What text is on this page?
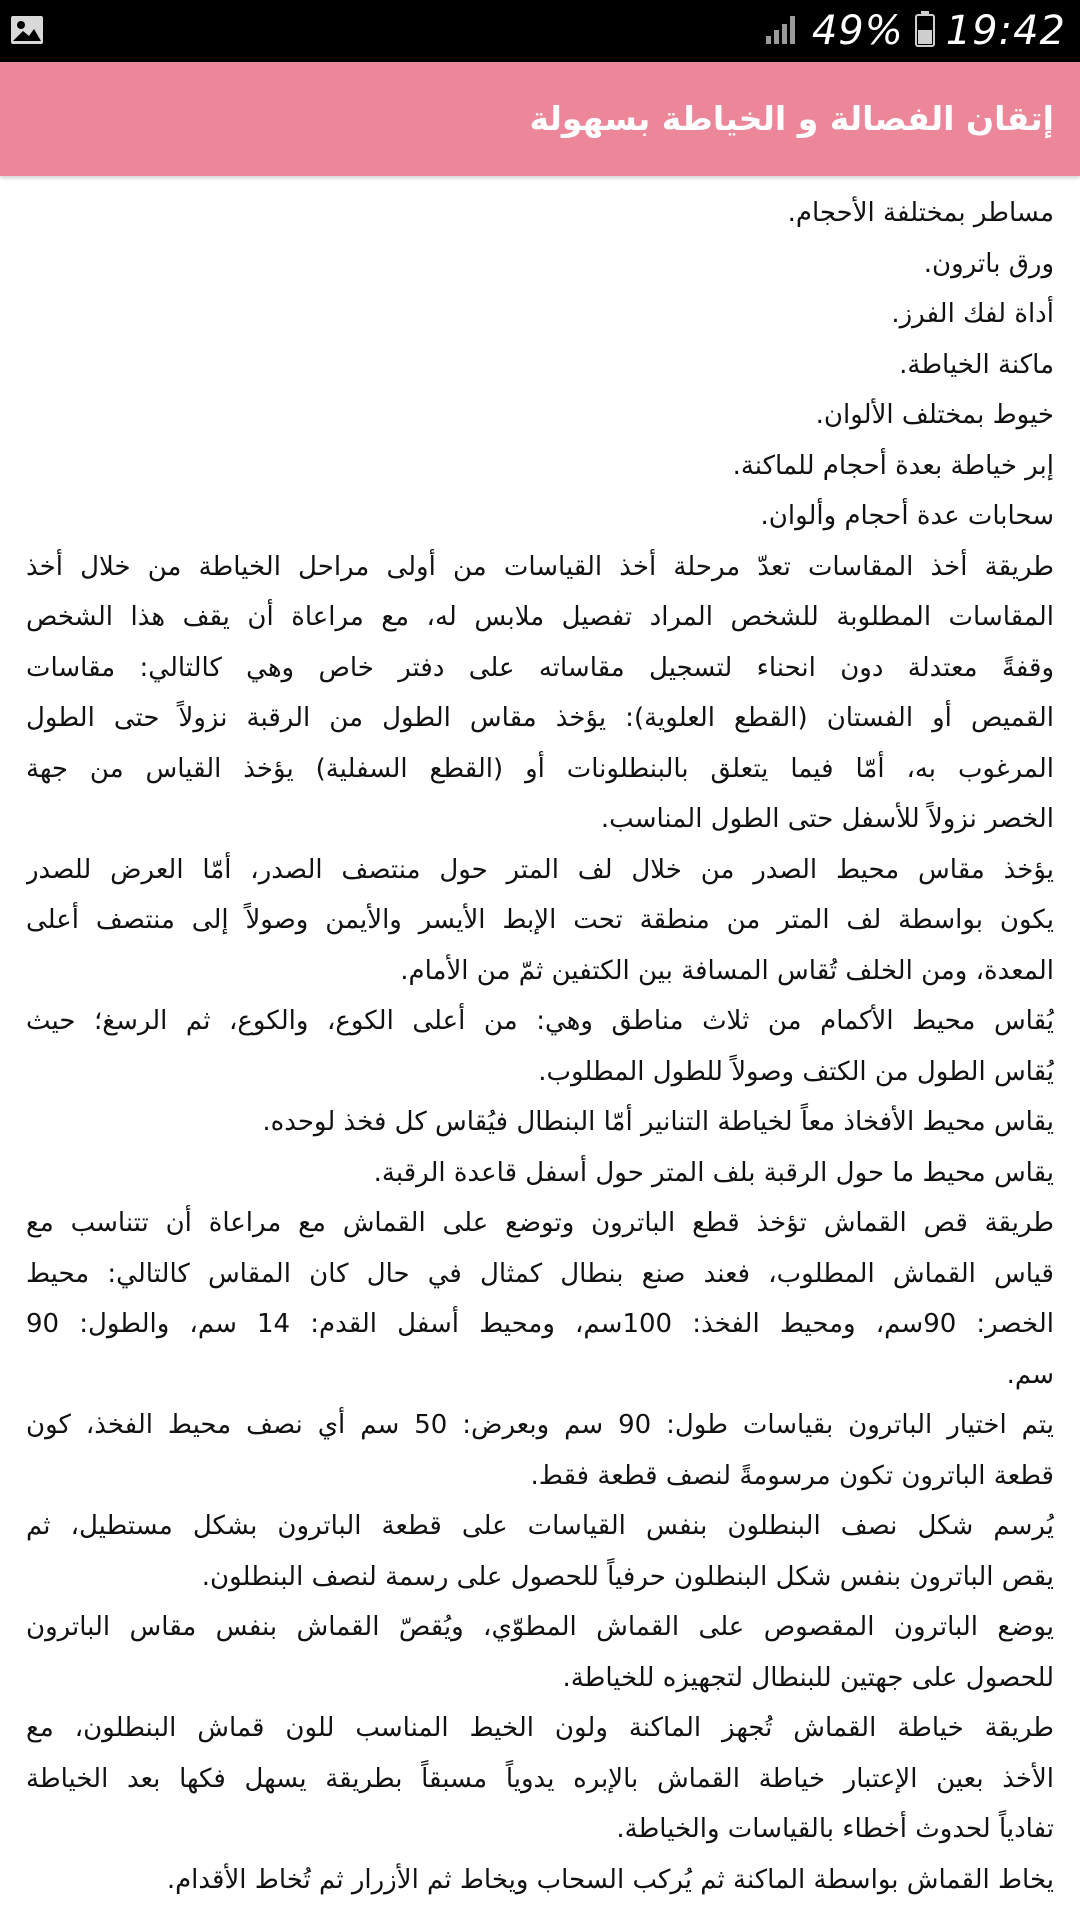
49% 19:42
إتقان الفصالة و الخياطة بسهولة
مساطر بمختلفة الأحجام.
ورق باترون.
أداة لفك الفرز.
ماكنة الخياطة.
خيوط بمختلف الألوان.
إبر خياطة بعدة أحجام للماكنة.
سحابات عدة أحجام وألوان.
طريقة أخذ المقاسات تعدّ مرحلة أخذ القياسات من أولى مراحل الخياطة من خلال أخذ
المقاسات المطلوبة للشخص المراد تفصيل ملابس له، مع مراعاة أن يقف هذا الشخص
وقفةً معتدلة دون انحناء لتسجيل مقاساته على دفتر خاص وهي كالتالي: مقاسات
القميص أو الفستان (القطع العلوية): يؤخذ مقاس الطول من الرقبة نزولاً حتى الطول
المرغوب به، أمّا فيما يتعلق بالبنطلونات أو (القطع السفلية) يؤخذ القياس من جهة
الخصر نزولاً للأسفل حتى الطول المناسب.
يؤخذ مقاس محيط الصدر من خلال لف المتر حول منتصف الصدر، أمّا العرض للصدر
يكون بواسطة لف المتر من منطقة تحت الإبط الأيسر والأيمن وصولاً إلى منتصف أعلى
المعدة، ومن الخلف تُقاس المسافة بين الكتفين ثمّ من الأمام.
يُقاس محيط الأكمام من ثلاث مناطق وهي: من أعلى الكوع، والكوع، ثم الرسغ؛ حيث
يُقاس الطول من الكتف وصولاً للطول المطلوب.
يقاس محيط الأفخاذ معاً لخياطة التنانير أمّا البنطال فيُقاس كل فخذ لوحده.
يقاس محيط ما حول الرقبة بلف المتر حول أسفل قاعدة الرقبة.
طريقة قص القماش تؤخذ قطع الباترون وتوضع على القماش مع مراعاة أن تتناسب مع
قياس القماش المطلوب، فعند صنع بنطال كمثال في حال كان المقاس كالتالي: محيط
الخصر: 90سم، ومحيط الفخذ: 100سم، ومحيط أسفل القدم: 14 سم، والطول: 90
سم.
يتم اختيار الباترون بقياسات طول: 90 سم وبعرض: 50 سم أي نصف محيط الفخذ، كون
قطعة الباترون تكون مرسومةً لنصف قطعة فقط.
يُرسم شكل نصف البنطلون بنفس القياسات على قطعة الباترون بشكل مستطيل، ثم
يقص الباترون بنفس شكل البنطلون حرفياً للحصول على رسمة لنصف البنطلون.
يوضع الباترون المقصوص على القماش المطوّي، ويُقصّ القماش بنفس مقاس الباترون
للحصول على جهتين للبنطال لتجهيزه للخياطة.
طريقة خياطة القماش تُجهز الماكنة ولون الخيط المناسب للون قماش البنطلون، مع
الأخذ بعين الإعتبار خياطة القماش بالإبره يدوياً مسبقاً بطريقة يسهل فكها بعد الخياطة
تفادياً لحدوث أخطاء بالقياسات والخياطة.
يخاط القماش بواسطة الماكنة ثم يُركب السحاب ويخاط ثم الأزرار ثم تُخاط الأقدام.
